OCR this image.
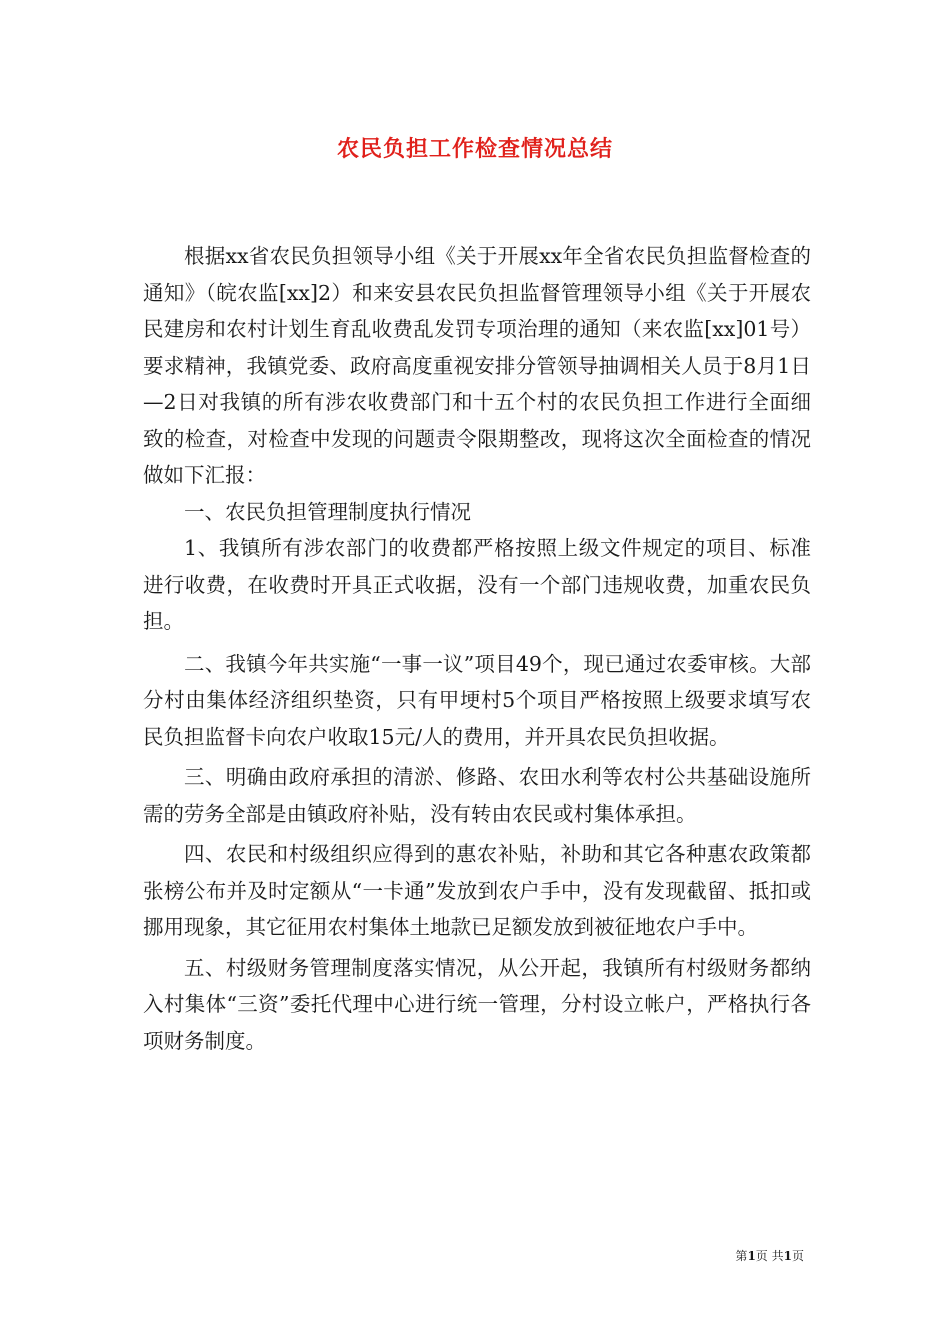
农民负担工作检查情况总结

根据xx省农民负担领导小组《关于开展xx年全省农民负担监督检查的通知》（皖农监[xx]2）和来安县农民负担监督管理领导小组《关于开展农民建房和农村计划生育乱收费乱发罚专项治理的通知（来农监[xx]01号）要求精神，我镇党委、政府高度重视安排分管领导抽调相关人员于8月1日—2日对我镇的所有涉农收费部门和十五个村的农民负担工作进行全面细致的检查，对检查中发现的问题责令限期整改，现将这次全面检查的情况做如下汇报：

一、农民负担管理制度执行情况

1、我镇所有涉农部门的收费都严格按照上级文件规定的项目、标准进行收费，在收费时开具正式收据，没有一个部门违规收费，加重农民负担。

二、我镇今年共实施“一事一议”项目49个，现已通过农委审核。大部分村由集体经济组织垫资，只有甲埂村5个项目严格按照上级要求填写农民负担监督卡向农户收取15元/人的费用，并开具农民负担收据。

三、明确由政府承担的清淤、修路、农田水利等农村公共基础设施所需的劳务全部是由镇政府补贴，没有转由农民或村集体承担。

四、农民和村级组织应得到的惠农补贴，补助和其它各种惠农政策都张榜公布并及时定额从“一卡通”发放到农户手中，没有发现截留、抵扣或挪用现象，其它征用农村集体土地款已足额发放到被征地农户手中。

五、村级财务管理制度落实情况，从公开起，我镇所有村级财务都纳入村集体“三资”委托代理中心进行统一管理，分村设立帐户，严格执行各项财务制度。

第1页 共1页
